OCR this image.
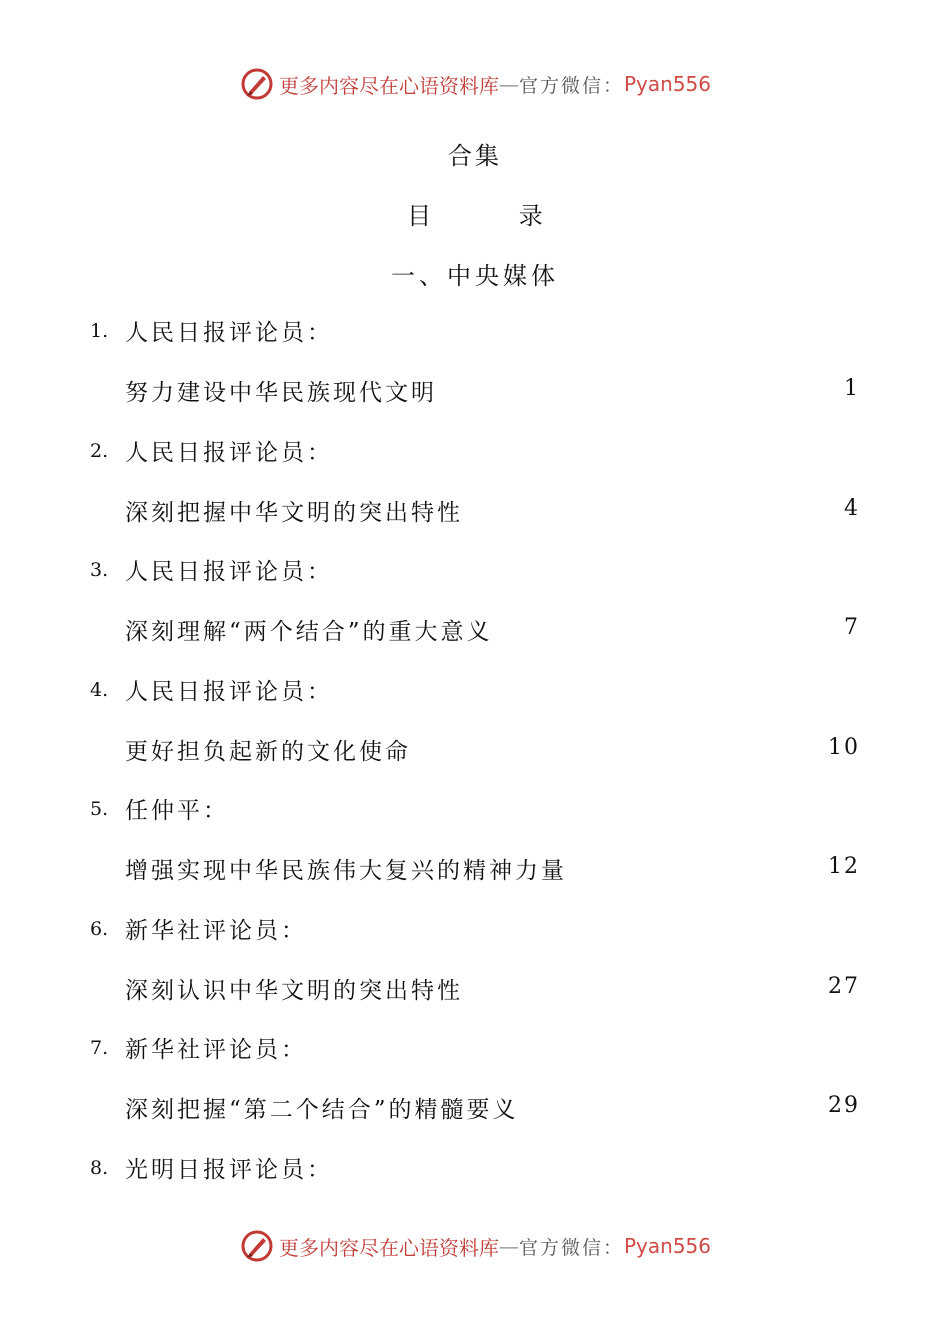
更多内容尽在心语资料库 — 官方微信： Pyan556
合集
目 录
一、中央媒体
1. 人民日报评论员：
努力建设中华民族现代文明	1
2. 人民日报评论员：
深刻把握中华文明的突出特性	4
3. 人民日报评论员：
深刻理解“两个结合”的重大意义	7
4. 人民日报评论员：
更好担负起新的文化使命	10
5. 任仲平：
增强实现中华民族伟大复兴的精神力量	12
6. 新华社评论员：
深刻认识中华文明的突出特性	27
7. 新华社评论员：
深刻把握“第二个结合”的精髓要义	29
8. 光明日报评论员：
更多内容尽在心语资料库 — 官方微信： Pyan556
